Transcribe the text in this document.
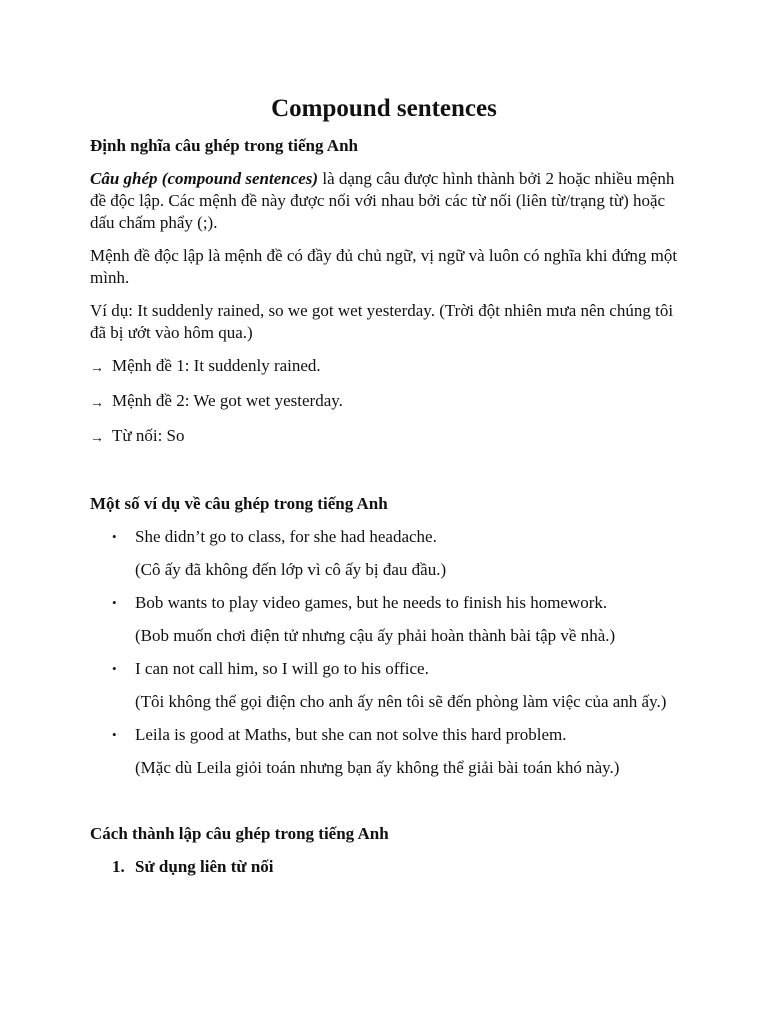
Compound sentences
Định nghĩa câu ghép trong tiếng Anh

Câu ghép (compound sentences) là dạng câu được hình thành bởi 2 hoặc nhiều mệnh đề độc lập. Các mệnh đề này được nối với nhau bởi các từ nối (liên từ/trạng từ) hoặc dấu chấm phẩy (;).

Mệnh đề độc lập là mệnh đề có đầy đủ chủ ngữ, vị ngữ và luôn có nghĩa khi đứng một mình.

Ví dụ: It suddenly rained, so we got wet yesterday. (Trời đột nhiên mưa nên chúng tôi đã bị ướt vào hôm qua.)

→ Mệnh đề 1: It suddenly rained.
→ Mệnh đề 2: We got wet yesterday.
→ Từ nối: So
Một số ví dụ về câu ghép trong tiếng Anh
• She didn’t go to class, for she had headache.
(Cô ấy đã không đến lớp vì cô ấy bị đau đầu.)
• Bob wants to play video games, but he needs to finish his homework.
(Bob muốn chơi điện tử nhưng cậu ấy phải hoàn thành bài tập về nhà.)
• I can not call him, so I will go to his office.
(Tôi không thể gọi điện cho anh ấy nên tôi sẽ đến phòng làm việc của anh ấy.)
• Leila is good at Maths, but she can not solve this hard problem.
(Mặc dù Leila giỏi toán nhưng bạn ấy không thể giải bài toán khó này.)
Cách thành lập câu ghép trong tiếng Anh
1. Sử dụng liên từ nối
